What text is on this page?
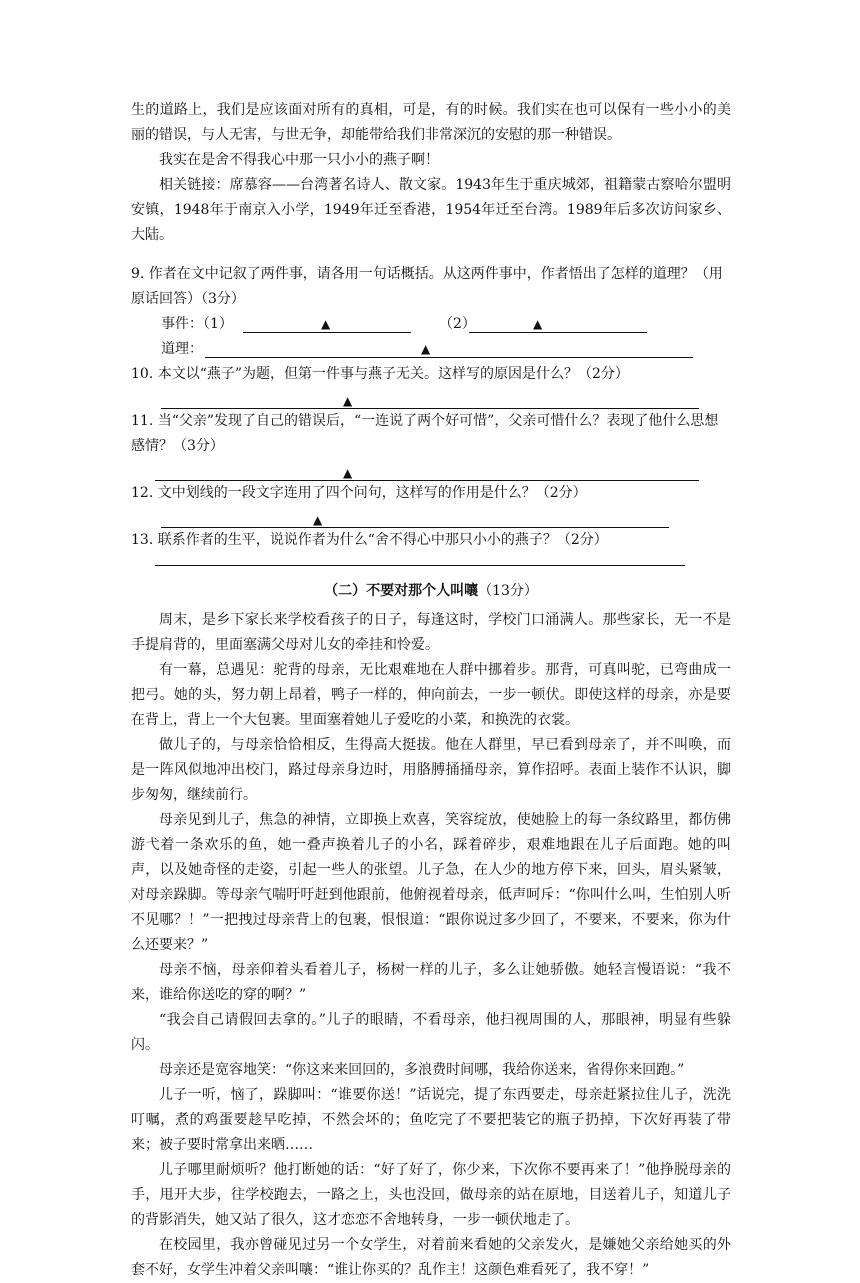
生的道路上，我们是应该面对所有的真相，可是，有的时候。我们实在也可以保有一些小小的美丽的错误，与人无害，与世无争，却能带给我们非常深沉的安慰的那一种错误。

我实在是舍不得我心中那一只小小的燕子啊！

相关链接：席慕容——台湾著名诗人、散文家。1943年生于重庆城郊，祖籍蒙古察哈尔盟明安镇，1948年于南京入小学，1949年迁至香港，1954年迁至台湾。1989年后多次访问家乡、大陆。

9. 作者在文中记叙了两件事，请各用一句话概括。从这两件事中，作者悟出了怎样的道理？（用原话回答）（3分）

事件：（1）	▲	（2）	▲
道理：	▲

10. 本文以“燕子”为题，但第一件事与燕子无关。这样写的原因是什么？（2分）

▲

11. 当“父亲”发现了自己的错误后，“一连说了两个好可惜”，父亲可惜什么？表现了他什么思想感情？（3分）

▲

12. 文中划线的一段文字连用了四个问句，这样写的作用是什么？（2分）

▲

13. 联系作者的生平，说说作者为什么“舍不得心中那只小小的燕子？（2分）

（二）不要对那个人叫嚷（13分）

周末，是乡下家长来学校看孩子的日子，每逢这时，学校门口涌满人。那些家长，无一不是手提肩背的，里面塞满父母对儿女的牵挂和怜爱。

有一幕，总遇见：驼背的母亲，无比艰难地在人群中挪着步。那背，可真叫驼，已弯曲成一把弓。她的头，努力朝上昂着，鸭子一样的，伸向前去，一步一顿伏。即使这样的母亲，亦是要在背上，背上一个大包裹。里面塞着她儿子爱吃的小菜，和换洗的衣裳。

做儿子的，与母亲恰恰相反，生得高大挺拔。他在人群里，早已看到母亲了，并不叫唤，而是一阵风似地冲出校门，路过母亲身边时，用胳膊捅捅母亲，算作招呼。表面上装作不认识，脚步匆匆，继续前行。

母亲见到儿子，焦急的神情，立即换上欢喜，笑容绽放，使她脸上的每一条纹路里，都仿佛游弋着一条欢乐的鱼，她一叠声换着儿子的小名，踩着碎步，艰难地跟在儿子后面跑。她的叫声，以及她奇怪的走姿，引起一些人的张望。儿子急，在人少的地方停下来，回头，眉头紧皱，对母亲跺脚。等母亲气喘吁吁赶到他跟前，他俯视着母亲，低声呵斥：“你叫什么叫，生怕别人听不见哪？！”一把拽过母亲背上的包裹，恨恨道：“跟你说过多少回了，不要来，不要来，你为什么还要来？”

母亲不恼，母亲仰着头看着儿子，杨树一样的儿子，多么让她骄傲。她轻言慢语说：“我不来，谁给你送吃的穿的啊？”

“我会自己请假回去拿的。”儿子的眼睛，不看母亲，他扫视周围的人，那眼神，明显有些躲闪。

母亲还是宽容地笑：“你这来来回回的，多浪费时间哪，我给你送来，省得你来回跑。”

儿子一听，恼了，跺脚叫：“谁要你送！”话说完，提了东西要走，母亲赶紧拉住儿子，洗洗叮嘱，煮的鸡蛋要趁早吃掉，不然会坏的；鱼吃完了不要把装它的瓶子扔掉，下次好再装了带来；被子要时常拿出来晒……

儿子哪里耐烦听？他打断她的话：“好了好了，你少来，下次你不要再来了！”他挣脱母亲的手，甩开大步，往学校跑去，一路之上，头也没回，做母亲的站在原地，目送着儿子，知道儿子的背影消失，她又站了很久，这才恋恋不舍地转身，一步一顿伏地走了。

在校园里，我亦曾碰见过另一个女学生，对着前来看她的父亲发火，是嫌她父亲给她买的外套不好，女学生冲着父亲叫嚷：“谁让你买的？乱作主！这颜色难看死了，我不穿！”
